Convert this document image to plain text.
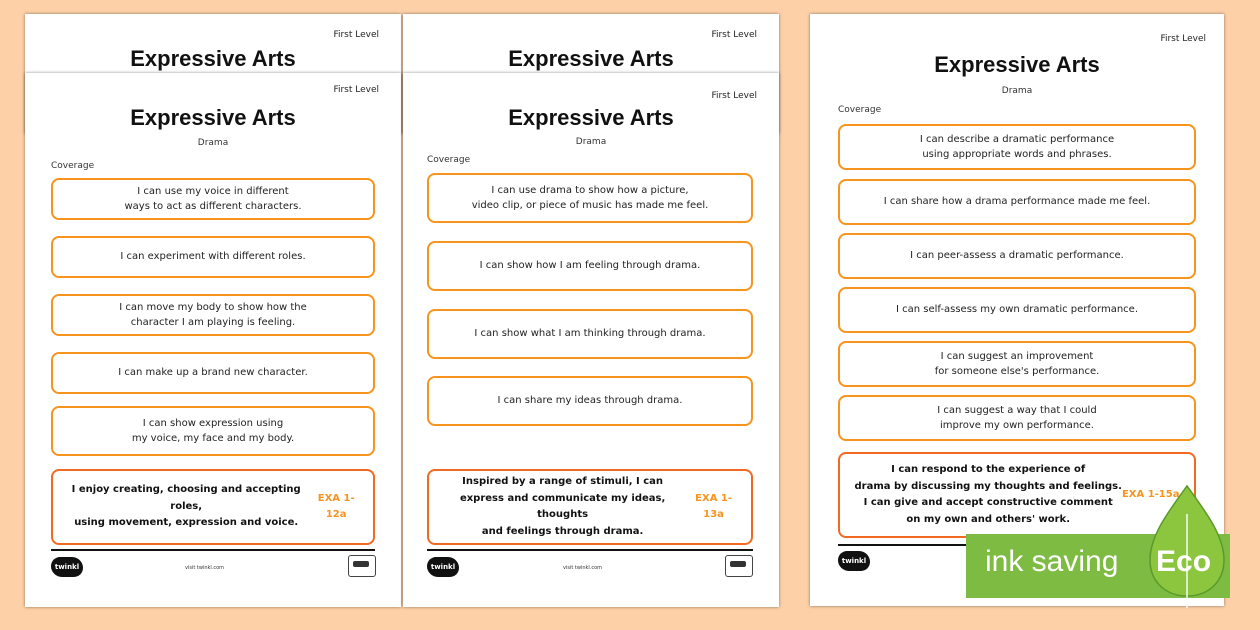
First Level
Expressive Arts
First Level
Expressive Arts
First Level
Expressive Arts
Drama
Coverage
I can use my voice in different
ways to act as different characters.
I can experiment with different roles.
I can move my body to show how the
character I am playing is feeling.
I can make up a brand new character.
I can show expression using
my voice, my face and my body.
I enjoy creating, choosing and accepting roles,
using movement, expression and voice.
EXA 1-12a
twinkl	visit twinkl.com
First Level
Expressive Arts
Drama
Coverage
I can use drama to show how a picture,
video clip, or piece of music has made me feel.
I can show how I am feeling through drama.
I can show what I am thinking through drama.
I can share my ideas through drama.
Inspired by a range of stimuli, I can
express and communicate my ideas, thoughts
and feelings through drama.
EXA 1-13a
twinkl	visit twinkl.com
First Level
Expressive Arts
Drama
Coverage
I can describe a dramatic performance
using appropriate words and phrases.
I can share how a drama performance made me feel.
I can peer-assess a dramatic performance.
I can self-assess my own dramatic performance.
I can suggest an improvement
for someone else's performance.
I can suggest a way that I could
improve my own performance.
I can respond to the experience of
drama by discussing my thoughts and feelings.
I can give and accept constructive comment
on my own and others' work.
EXA 1-15a
twinkl	ink saving Eco
